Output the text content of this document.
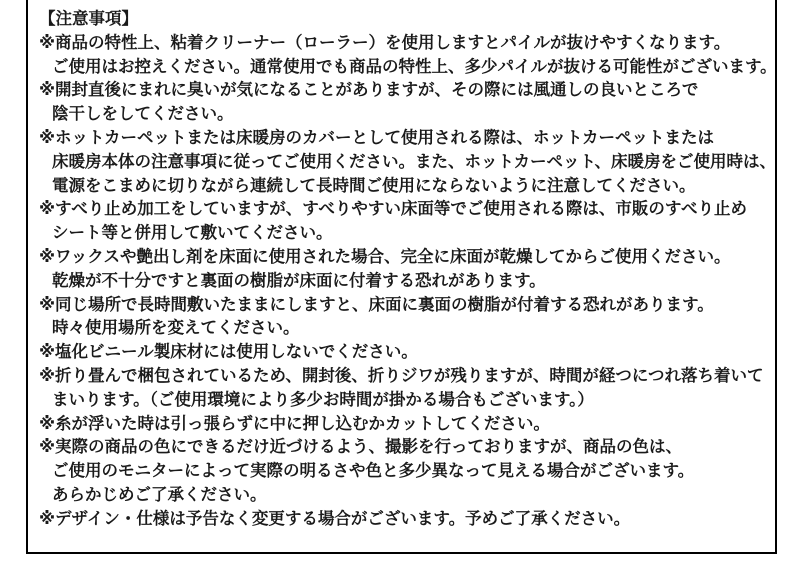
【注意事項】
※商品の特性上、粘着クリーナー（ローラー）を使用しますとパイルが抜けやすくなります。
ご使用はお控えください。通常使用でも商品の特性上、多少パイルが抜ける可能性がございます。
※開封直後にまれに臭いが気になることがありますが、その際には風通しの良いところで
陰干しをしてください。
※ホットカーペットまたは床暖房のカバーとして使用される際は、ホットカーペットまたは
床暖房本体の注意事項に従ってご使用ください。また、ホットカーペット、床暖房をご使用時は、
電源をこまめに切りながら連続して長時間ご使用にならないように注意してください。
※すべり止め加工をしていますが、すべりやすい床面等でご使用される際は、市販のすべり止め
シート等と併用して敷いてください。
※ワックスや艶出し剤を床面に使用された場合、完全に床面が乾燥してからご使用ください。
乾燥が不十分ですと裏面の樹脂が床面に付着する恐れがあります。
※同じ場所で長時間敷いたままにしますと、床面に裏面の樹脂が付着する恐れがあります。
時々使用場所を変えてください。
※塩化ビニール製床材には使用しないでください。
※折り畳んで梱包されているため、開封後、折りジワが残りますが、時間が経つにつれ落ち着いて
まいります。（ご使用環境により多少お時間が掛かる場合もございます。）
※糸が浮いた時は引っ張らずに中に押し込むかカットしてください。
※実際の商品の色にできるだけ近づけるよう、撮影を行っておりますが、商品の色は、
ご使用のモニターによって実際の明るさや色と多少異なって見える場合がございます。
あらかじめご了承ください。
※デザイン・仕様は予告なく変更する場合がございます。予めご了承ください。
